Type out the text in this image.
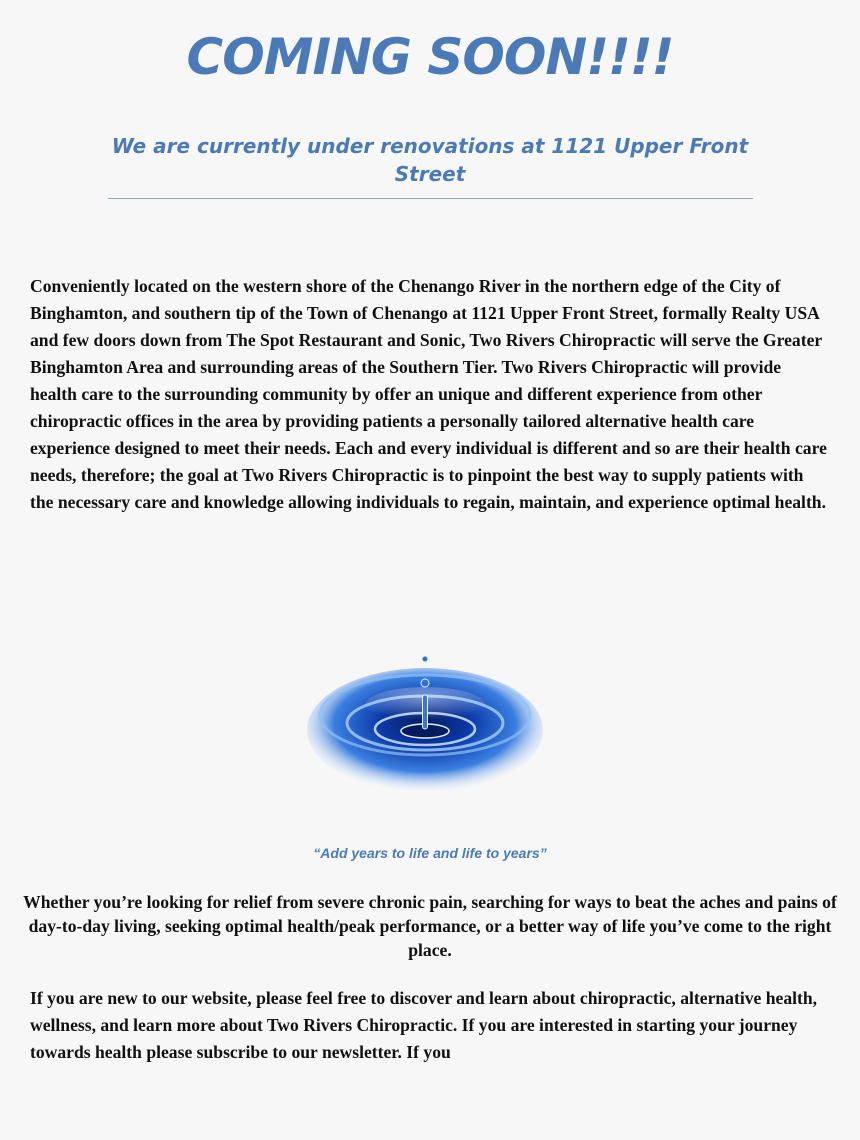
COMING SOON!!!!

We are currently under renovations at 1121 Upper Front Street

Conveniently located on the western shore of the Chenango River in the northern edge of the City of Binghamton, and southern tip of the Town of Chenango at 1121 Upper Front Street, formally Realty USA and few doors down from The Spot Restaurant and Sonic, Two Rivers Chiropractic will serve the Greater Binghamton Area and surrounding areas of the Southern Tier. Two Rivers Chiropractic will provide health care to the surrounding community by offer an unique and different experience from other chiropractic offices in the area by providing patients a personally tailored alternative health care experience designed to meet their needs. Each and every individual is different and so are their health care needs, therefore; the goal at Two Rivers Chiropractic is to pinpoint the best way to supply patients with the necessary care and knowledge allowing individuals to regain, maintain, and experience optimal health.

“Add years to life and life to years”

Whether you’re looking for relief from severe chronic pain, searching for ways to beat the aches and pains of day-to-day living, seeking optimal health/peak performance, or a better way of life you’ve come to the right place.

If you are new to our website, please feel free to discover and learn about chiropractic, alternative health, wellness, and learn more about Two Rivers Chiropractic. If you are interested in starting your journey towards health please subscribe to our newsletter. If you
